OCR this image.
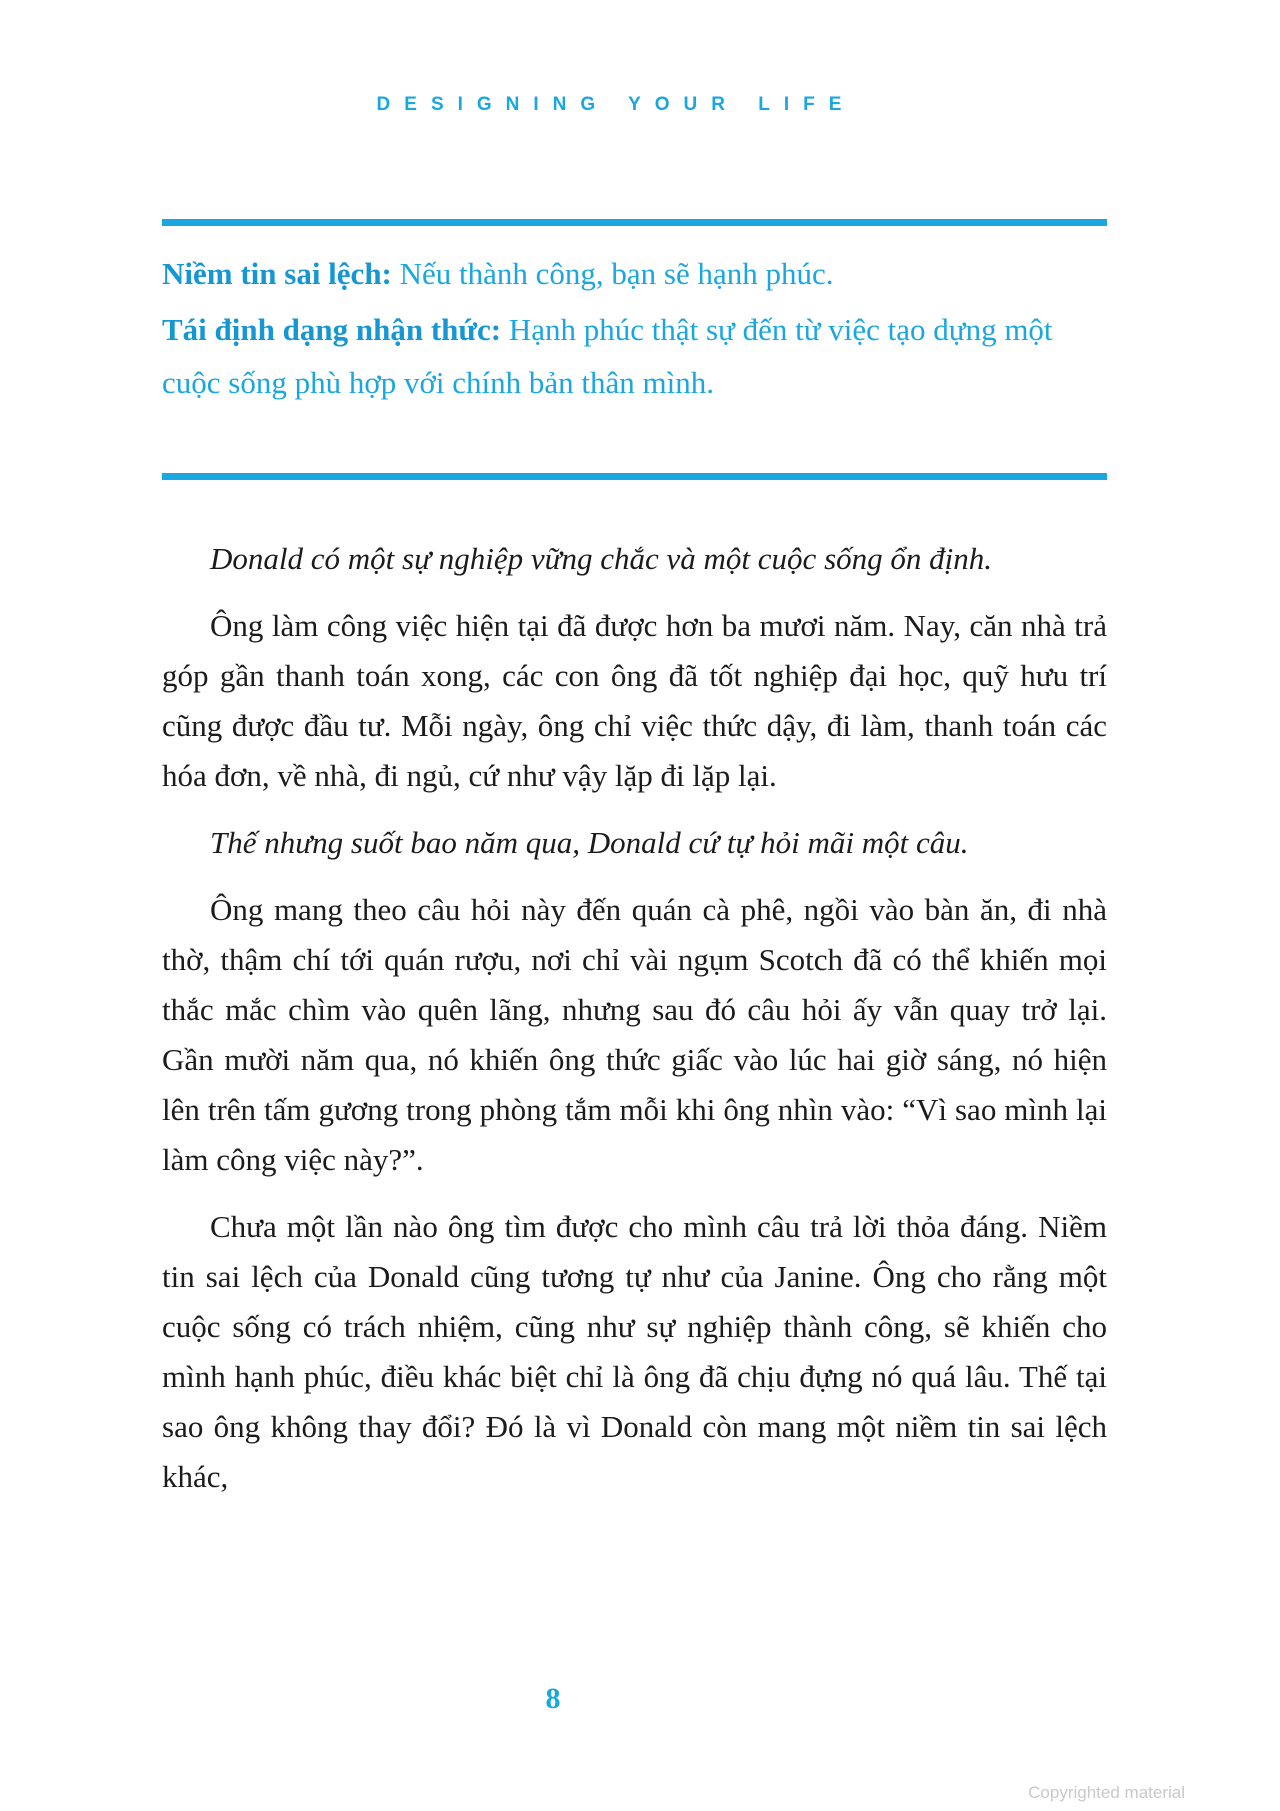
DESIGNING YOUR LIFE
Niềm tin sai lệch: Nếu thành công, bạn sẽ hạnh phúc.
Tái định dạng nhận thức: Hạnh phúc thật sự đến từ việc tạo dựng một cuộc sống phù hợp với chính bản thân mình.

Donald có một sự nghiệp vững chắc và một cuộc sống ổn định.

Ông làm công việc hiện tại đã được hơn ba mươi năm. Nay, căn nhà trả góp gần thanh toán xong, các con ông đã tốt nghiệp đại học, quỹ hưu trí cũng được đầu tư. Mỗi ngày, ông chỉ việc thức dậy, đi làm, thanh toán các hóa đơn, về nhà, đi ngủ, cứ như vậy lặp đi lặp lại.

Thế nhưng suốt bao năm qua, Donald cứ tự hỏi mãi một câu.

Ông mang theo câu hỏi này đến quán cà phê, ngồi vào bàn ăn, đi nhà thờ, thậm chí tới quán rượu, nơi chỉ vài ngụm Scotch đã có thể khiến mọi thắc mắc chìm vào quên lãng, nhưng sau đó câu hỏi ấy vẫn quay trở lại. Gần mười năm qua, nó khiến ông thức giấc vào lúc hai giờ sáng, nó hiện lên trên tấm gương trong phòng tắm mỗi khi ông nhìn vào: “Vì sao mình lại làm công việc này?”.

Chưa một lần nào ông tìm được cho mình câu trả lời thỏa đáng. Niềm tin sai lệch của Donald cũng tương tự như của Janine. Ông cho rằng một cuộc sống có trách nhiệm, cũng như sự nghiệp thành công, sẽ khiến cho mình hạnh phúc, điều khác biệt chỉ là ông đã chịu đựng nó quá lâu. Thế tại sao ông không thay đổi? Đó là vì Donald còn mang một niềm tin sai lệch khác,

8
Copyrighted material
